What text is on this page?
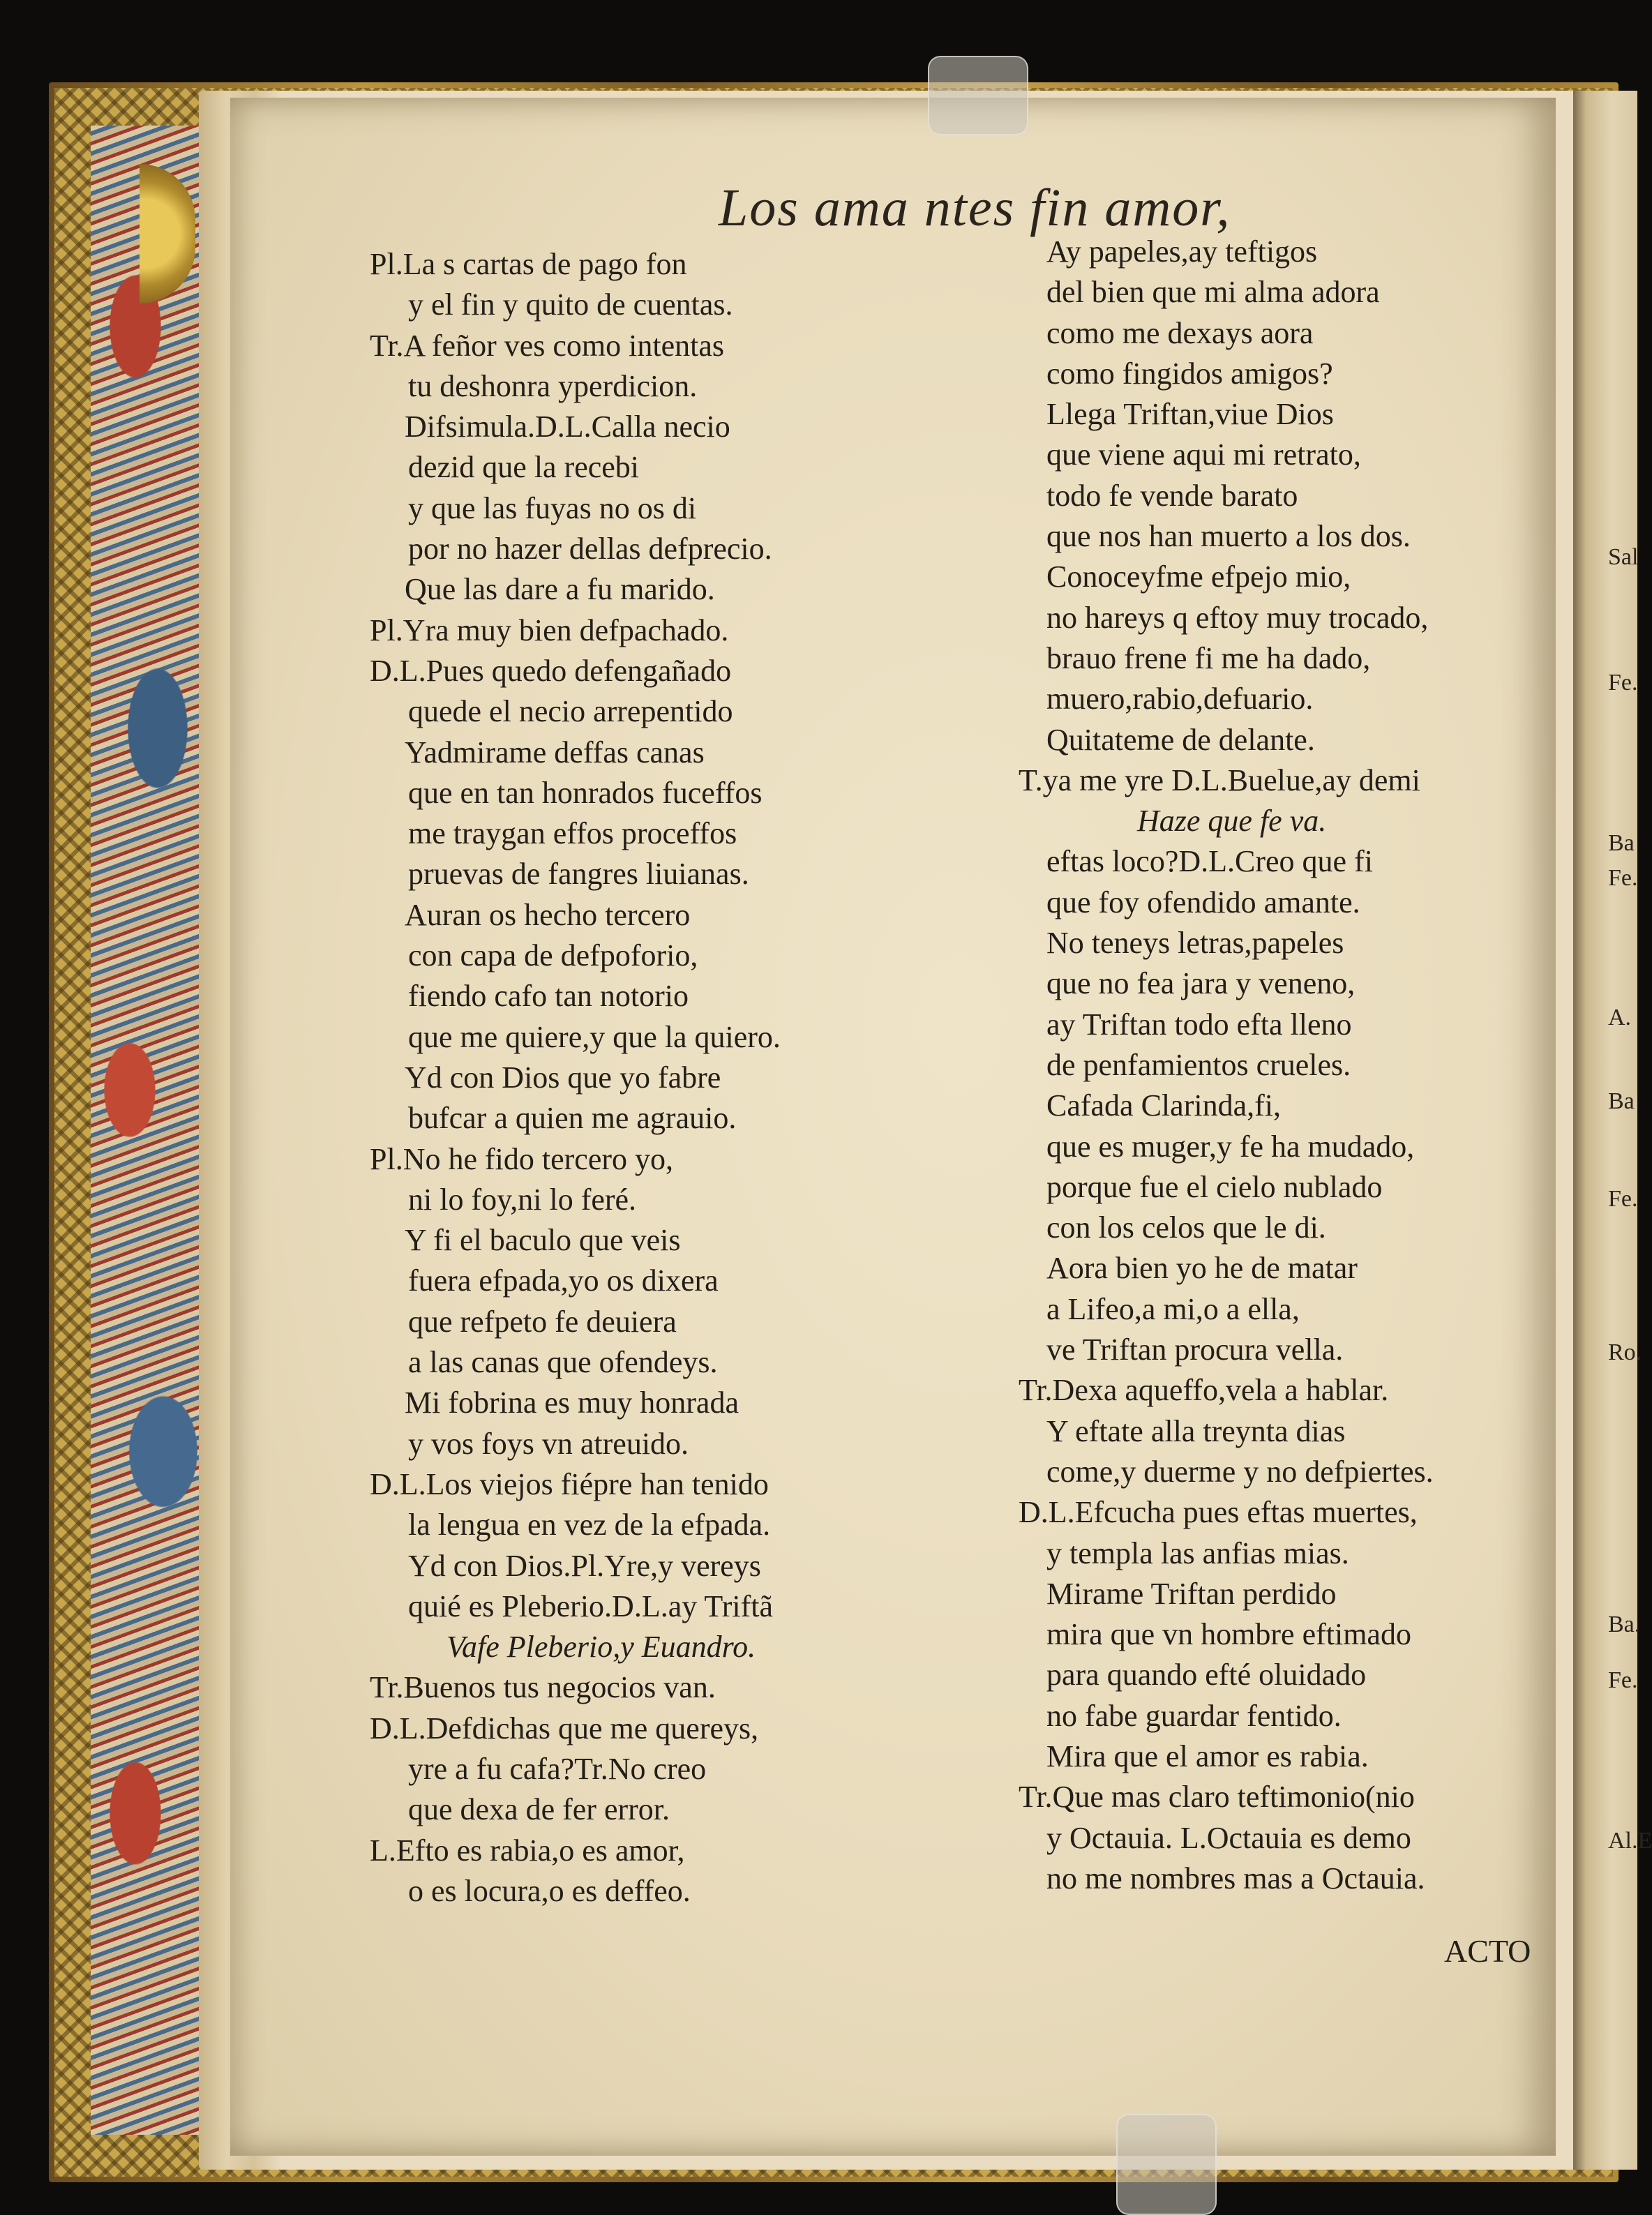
Los ama ntes fin amor,
Pl.La s cartas de pago fon
y el fin y quito de cuentas.
Tr.A feñor ves como intentas
tu deshonra yperdicion.
Difsimula.D.L.Calla necio
dezid que la recebi
y que las fuyas no os di
por no hazer dellas defprecio.
Que las dare a fu marido.
Pl.Yra muy bien defpachado.
D.L.Pues quedo defengañado
quede el necio arrepentido
Yadmirame deffas canas
que en tan honrados fuceffos
me traygan effos proceffos
pruevas de fangres liuianas.
Auran os hecho tercero
con capa de defpoforio,
fiendo cafo tan notorio
que me quiere,y que la quiero.
Yd con Dios que yo fabre
bufcar a quien me agrauio.
Pl.No he fido tercero yo,
ni lo foy,ni lo feré.
Y fi el baculo que veis
fuera efpada,yo os dixera
que refpeto fe deuiera
a las canas que ofendeys.
Mi fobrina es muy honrada
y vos foys vn atreuido.
D.L.Los viejos fiépre han tenido
la lengua en vez de la efpada.
Yd con Dios.Pl.Yre,y vereys
quié es Pleberio.D.L.ay Triftã
Vafe Pleberio,y Euandro.
Tr.Buenos tus negocios van.
D.L.Defdichas que me quereys,
yre a fu cafa?Tr.No creo
que dexa de fer error.
L.Efto es rabia,o es amor,
o es locura,o es deffeo.
Ay papeles,ay teftigos
del bien que mi alma adora
como me dexays aora
como fingidos amigos?
Llega Triftan,viue Dios
que viene aqui mi retrato,
todo fe vende barato
que nos han muerto a los dos.
Conoceyfme efpejo mio,
no hareys q eftoy muy trocado,
brauo frene fi me ha dado,
muero,rabio,defuario.
Quitateme de delante.
T.ya me yre D.L.Buelue,ay demi
Haze que fe va.
eftas loco?D.L.Creo que fi
que foy ofendido amante.
No teneys letras,papeles
que no fea jara y veneno,
ay Triftan todo efta lleno
de penfamientos crueles.
Cafada Clarinda,fi,
que es muger,y fe ha mudado,
porque fue el cielo nublado
con los celos que le di.
Aora bien yo he de matar
a Lifeo,a mi,o a ella,
ve Triftan procura vella.
Tr.Dexa aqueffo,vela a hablar.
Y eftate alla treynta dias
come,y duerme y no defpiertes.
D.L.Efcucha pues eftas muertes,
y templa las anfias mias.
Mirame Triftan perdido
mira que vn hombre eftimado
para quando efté oluidado
no fabe guardar fentido.
Mira que el amor es rabia.
Tr.Que mas claro teftimonio(nio
y Octauia. L.Octauia es demo
no me nombres mas a Octauia.
ACTO
Sal
Fe.
Ba
Fe.
A.
Ba
Fe.
Ro.
Ba.
Fe.
Al.E
